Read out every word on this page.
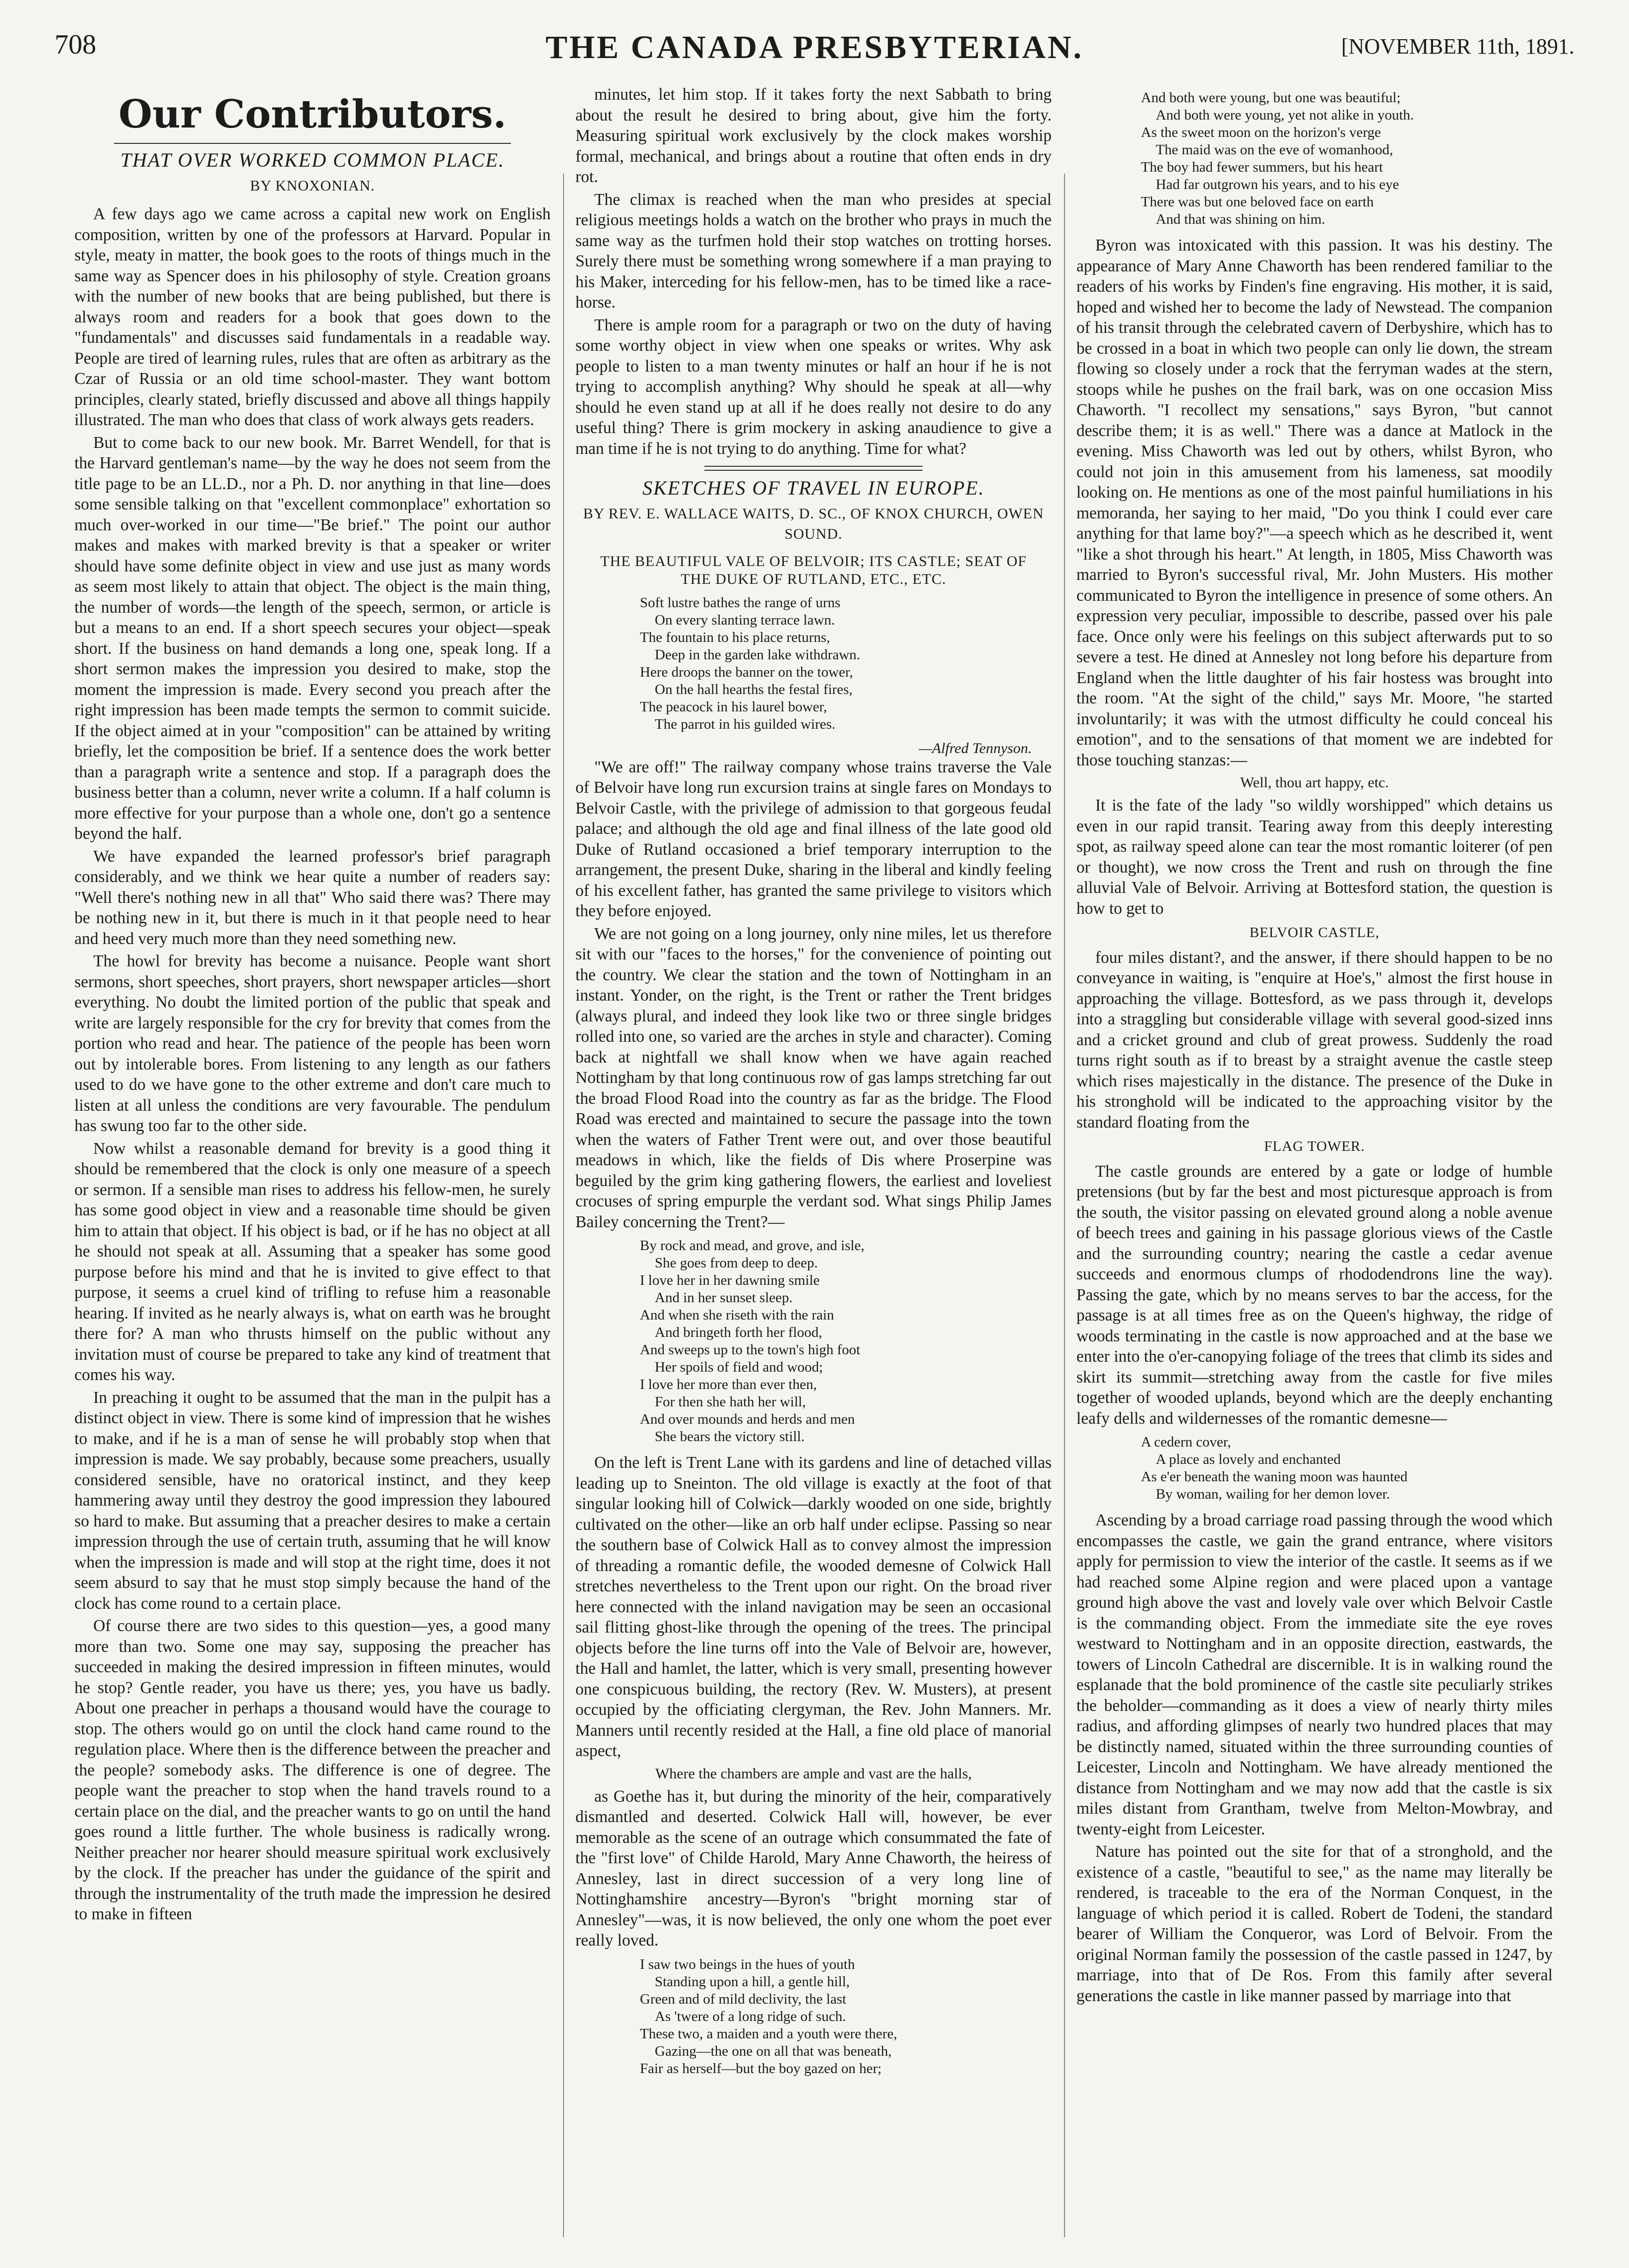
708	THE CANADA PRESBYTERIAN.	[NOVEMBER 11th, 1891.
Our Contributors.

THAT OVER WORKED COMMON PLACE.

BY KNOXONIAN.

A few days ago we came across a capital new work on English composition, written by one of the professors at Harvard. Popular in style, meaty in matter, the book goes to the roots of things much in the same way as Spencer does in his philosophy of style. Creation groans with the number of new books that are being published, but there is always room and readers for a book that goes down to the "fundamentals" and discusses said fundamentals in a readable way. People are tired of learning rules, rules that are often as arbitrary as the Czar of Russia or an old time school-master. They want bottom principles, clearly stated, briefly discussed and above all things happily illustrated. The man who does that class of work always gets readers.

But to come back to our new book. Mr. Barret Wendell, for that is the Harvard gentleman's name—by the way he does not seem from the title page to be an LL.D., nor a Ph. D. nor anything in that line—does some sensible talking on that "excellent commonplace" exhortation so much over-worked in our time—"Be brief." The point our author makes and makes with marked brevity is that a speaker or writer should have some definite object in view and use just as many words as seem most likely to attain that object. The object is the main thing, the number of words—the length of the speech, sermon, or article is but a means to an end. If a short speech secures your object—speak short. If the business on hand demands a long one, speak long. If a short sermon makes the impression you desired to make, stop the moment the impression is made. Every second you preach after the right impression has been made tempts the sermon to commit suicide. If the object aimed at in your "composition" can be attained by writing briefly, let the composition be brief. If a sentence does the work better than a paragraph write a sentence and stop. If a paragraph does the business better than a column, never write a column. If a half column is more effective for your purpose than a whole one, don't go a sentence beyond the half.

We have expanded the learned professor's brief paragraph considerably, and we think we hear quite a number of readers say: "Well there's nothing new in all that" Who said there was? There may be nothing new in it, but there is much in it that people need to hear and heed very much more than they need something new.

The howl for brevity has become a nuisance. People want short sermons, short speeches, short prayers, short newspaper articles—short everything. No doubt the limited portion of the public that speak and write are largely responsible for the cry for brevity that comes from the portion who read and hear. The patience of the people has been worn out by intolerable bores. From listening to any length as our fathers used to do we have gone to the other extreme and don't care much to listen at all unless the conditions are very favourable. The pendulum has swung too far to the other side.

Now whilst a reasonable demand for brevity is a good thing it should be remembered that the clock is only one measure of a speech or sermon. If a sensible man rises to address his fellow-men, he surely has some good object in view and a reasonable time should be given him to attain that object. If his object is bad, or if he has no object at all he should not speak at all. Assuming that a speaker has some good purpose before his mind and that he is invited to give effect to that purpose, it seems a cruel kind of trifling to refuse him a reasonable hearing. If invited as he nearly always is, what on earth was he brought there for? A man who thrusts himself on the public without any invitation must of course be prepared to take any kind of treatment that comes his way.

In preaching it ought to be assumed that the man in the pulpit has a distinct object in view. There is some kind of impression that he wishes to make, and if he is a man of sense he will probably stop when that impression is made. We say probably, because some preachers, usually considered sensible, have no oratorical instinct, and they keep hammering away until they destroy the good impression they laboured so hard to make. But assuming that a preacher desires to make a certain impression through the use of certain truth, assuming that he will know when the impression is made and will stop at the right time, does it not seem absurd to say that he must stop simply because the hand of the clock has come round to a certain place.

Of course there are two sides to this question—yes, a good many more than two. Some one may say, supposing the preacher has succeeded in making the desired impression in fifteen minutes, would he stop? Gentle reader, you have us there; yes, you have us badly. About one preacher in perhaps a thousand would have the courage to stop. The others would go on until the clock hand came round to the regulation place. Where then is the difference between the preacher and the people? somebody asks. The difference is one of degree. The people want the preacher to stop when the hand travels round to a certain place on the dial, and the preacher wants to go on until the hand goes round a little further. The whole business is radically wrong. Neither preacher nor hearer should measure spiritual work exclusively by the clock. If the preacher has under the guidance of the spirit and through the instrumentality of the truth made the impression he desired to make in fifteen

minutes, let him stop. If it takes forty the next Sabbath to bring about the result he desired to bring about, give him the forty. Measuring spiritual work exclusively by the clock makes worship formal, mechanical, and brings about a routine that often ends in dry rot.

The climax is reached when the man who presides at special religious meetings holds a watch on the brother who prays in much the same way as the turfmen hold their stop watches on trotting horses. Surely there must be something wrong somewhere if a man praying to his Maker, interceding for his fellow-men, has to be timed like a race-horse.

There is ample room for a paragraph or two on the duty of having some worthy object in view when one speaks or writes. Why ask people to listen to a man twenty minutes or half an hour if he is not trying to accomplish anything? Why should he speak at all—why should he even stand up at all if he does really not desire to do any useful thing? There is grim mockery in asking anaudience to give a man time if he is not trying to do anything. Time for what?

SKETCHES OF TRAVEL IN EUROPE.

BY REV. E. WALLACE WAITS, D. SC., OF KNOX CHURCH, OWEN SOUND.

THE BEAUTIFUL VALE OF BELVOIR; ITS CASTLE; SEAT OF THE DUKE OF RUTLAND, ETC., ETC.

Soft lustre bathes the range of urns
On every slanting terrace lawn.
The fountain to his place returns,
Deep in the garden lake withdrawn.
Here droops the banner on the tower,
On the hall hearths the festal fires,
The peacock in his laurel bower,
The parrot in his guilded wires.
—Alfred Tennyson.

"We are off!" The railway company whose trains traverse the Vale of Belvoir have long run excursion trains at single fares on Mondays to Belvoir Castle, with the privilege of admission to that gorgeous feudal palace; and although the old age and final illness of the late good old Duke of Rutland occasioned a brief temporary interruption to the arrangement, the present Duke, sharing in the liberal and kindly feeling of his excellent father, has granted the same privilege to visitors which they before enjoyed.

We are not going on a long journey, only nine miles, let us therefore sit with our "faces to the horses," for the convenience of pointing out the country. We clear the station and the town of Nottingham in an instant. Yonder, on the right, is the Trent or rather the Trent bridges (always plural, and indeed they look like two or three single bridges rolled into one, so varied are the arches in style and character). Coming back at nightfall we shall know when we have again reached Nottingham by that long continuous row of gas lamps stretching far out the broad Flood Road into the country as far as the bridge. The Flood Road was erected and maintained to secure the passage into the town when the waters of Father Trent were out, and over those beautiful meadows in which, like the fields of Dis where Proserpine was beguiled by the grim king gathering flowers, the earliest and loveliest crocuses of spring empurple the verdant sod. What sings Philip James Bailey concerning the Trent?—

By rock and mead, and grove, and isle,
She goes from deep to deep.
I love her in her dawning smile
And in her sunset sleep.
And when she riseth with the rain
And bringeth forth her flood,
And sweeps up to the town's high foot
Her spoils of field and wood;
I love her more than ever then,
For then she hath her will,
And over mounds and herds and men
She bears the victory still.

On the left is Trent Lane with its gardens and line of detached villas leading up to Sneinton. The old village is exactly at the foot of that singular looking hill of Colwick—darkly wooded on one side, brightly cultivated on the other—like an orb half under eclipse. Passing so near the southern base of Colwick Hall as to convey almost the impression of threading a romantic defile, the wooded demesne of Colwick Hall stretches nevertheless to the Trent upon our right. On the broad river here connected with the inland navigation may be seen an occasional sail flitting ghost-like through the opening of the trees. The principal objects before the line turns off into the Vale of Belvoir are, however, the Hall and hamlet, the latter, which is very small, presenting however one conspicuous building, the rectory (Rev. W. Musters), at present occupied by the officiating clergyman, the Rev. John Manners. Mr. Manners until recently resided at the Hall, a fine old place of manorial aspect,

Where the chambers are ample and vast are the halls,

as Goethe has it, but during the minority of the heir, comparatively dismantled and deserted. Colwick Hall will, however, be ever memorable as the scene of an outrage which consummated the fate of the "first love" of Childe Harold, Mary Anne Chaworth, the heiress of Annesley, last in direct succession of a very long line of Nottinghamshire ancestry—Byron's "bright morning star of Annesley"—was, it is now believed, the only one whom the poet ever really loved.

I saw two beings in the hues of youth
Standing upon a hill, a gentle hill,
Green and of mild declivity, the last
As 'twere of a long ridge of such.
These two, a maiden and a youth were there,
Gazing—the one on all that was beneath,
Fair as herself—but the boy gazed on her;
And both were young, but one was beautiful;
And both were young, yet not alike in youth.
As the sweet moon on the horizon's verge
The maid was on the eve of womanhood,
The boy had fewer summers, but his heart
Had far outgrown his years, and to his eye
There was but one beloved face on earth
And that was shining on him.

Byron was intoxicated with this passion. It was his destiny. The appearance of Mary Anne Chaworth has been rendered familiar to the readers of his works by Finden's fine engraving. His mother, it is said, hoped and wished her to become the lady of Newstead. The companion of his transit through the celebrated cavern of Derbyshire, which has to be crossed in a boat in which two people can only lie down, the stream flowing so closely under a rock that the ferryman wades at the stern, stoops while he pushes on the frail bark, was on one occasion Miss Chaworth. "I recollect my sensations," says Byron, "but cannot describe them; it is as well." There was a dance at Matlock in the evening. Miss Chaworth was led out by others, whilst Byron, who could not join in this amusement from his lameness, sat moodily looking on. He mentions as one of the most painful humiliations in his memoranda, her saying to her maid, "Do you think I could ever care anything for that lame boy?"—a speech which as he described it, went "like a shot through his heart." At length, in 1805, Miss Chaworth was married to Byron's successful rival, Mr. John Musters. His mother communicated to Byron the intelligence in presence of some others. An expression very peculiar, impossible to describe, passed over his pale face. Once only were his feelings on this subject afterwards put to so severe a test. He dined at Annesley not long before his departure from England when the little daughter of his fair hostess was brought into the room. "At the sight of the child," says Mr. Moore, "he started involuntarily; it was with the utmost difficulty he could conceal his emotion", and to the sensations of that moment we are indebted for those touching stanzas:—

Well, thou art happy, etc.

It is the fate of the lady "so wildly worshipped" which detains us even in our rapid transit. Tearing away from this deeply interesting spot, as railway speed alone can tear the most romantic loiterer (of pen or thought), we now cross the Trent and rush on through the fine alluvial Vale of Belvoir. Arriving at Bottesford station, the question is how to get to

BELVOIR CASTLE,

four miles distant?, and the answer, if there should happen to be no conveyance in waiting, is "enquire at Hoe's," almost the first house in approaching the village. Bottesford, as we pass through it, develops into a straggling but considerable village with several good-sized inns and a cricket ground and club of great prowess. Suddenly the road turns right south as if to breast by a straight avenue the castle steep which rises majestically in the distance. The presence of the Duke in his stronghold will be indicated to the approaching visitor by the standard floating from the

FLAG TOWER.

The castle grounds are entered by a gate or lodge of humble pretensions (but by far the best and most picturesque approach is from the south, the visitor passing on elevated ground along a noble avenue of beech trees and gaining in his passage glorious views of the Castle and the surrounding country; nearing the castle a cedar avenue succeeds and enormous clumps of rhododendrons line the way). Passing the gate, which by no means serves to bar the access, for the passage is at all times free as on the Queen's highway, the ridge of woods terminating in the castle is now approached and at the base we enter into the o'er-canopying foliage of the trees that climb its sides and skirt its summit—stretching away from the castle for five miles together of wooded uplands, beyond which are the deeply enchanting leafy dells and wildernesses of the romantic demesne—

A cedern cover,
A place as lovely and enchanted
As e'er beneath the waning moon was haunted
By woman, wailing for her demon lover.

Ascending by a broad carriage road passing through the wood which encompasses the castle, we gain the grand entrance, where visitors apply for permission to view the interior of the castle. It seems as if we had reached some Alpine region and were placed upon a vantage ground high above the vast and lovely vale over which Belvoir Castle is the commanding object. From the immediate site the eye roves westward to Nottingham and in an opposite direction, eastwards, the towers of Lincoln Cathedral are discernible. It is in walking round the esplanade that the bold prominence of the castle site peculiarly strikes the beholder—commanding as it does a view of nearly thirty miles radius, and affording glimpses of nearly two hundred places that may be distinctly named, situated within the three surrounding counties of Leicester, Lincoln and Nottingham. We have already mentioned the distance from Nottingham and we may now add that the castle is six miles distant from Grantham, twelve from Melton-Mowbray, and twenty-eight from Leicester.

Nature has pointed out the site for that of a stronghold, and the existence of a castle, "beautiful to see," as the name may literally be rendered, is traceable to the era of the Norman Conquest, in the language of which period it is called. Robert de Todeni, the standard bearer of William the Conqueror, was Lord of Belvoir. From the original Norman family the possession of the castle passed in 1247, by marriage, into that of De Ros. From this family after several generations the castle in like manner passed by marriage into that
